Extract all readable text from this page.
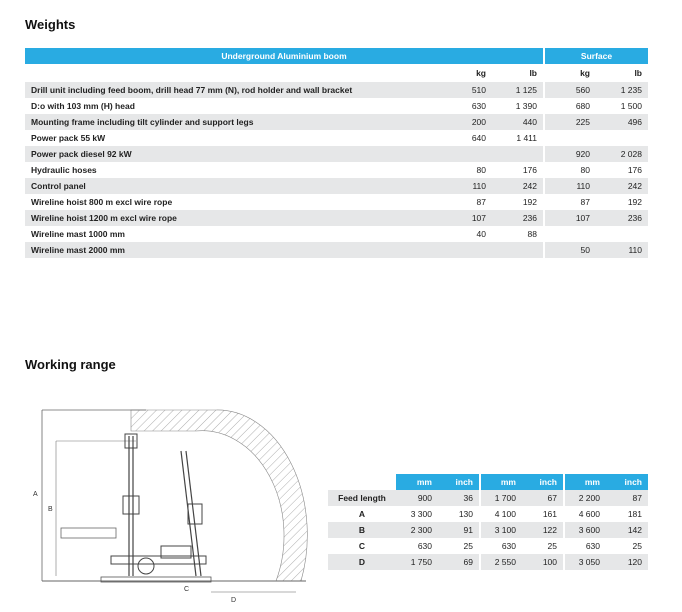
Weights
Underground Aluminium boom			Surface	
	kg	lb	kg	lb
Drill unit including feed boom, drill head 77 mm (N), rod holder and wall bracket	510	1 125	560	1 235
D:o with 103 mm (H) head	630	1 390	680	1 500
Mounting frame including tilt cylinder and support legs	200	440	225	496
Power pack 55 kW	640	1 411		
Power pack diesel 92 kW			920	2 028
Hydraulic hoses	80	176	80	176
Control panel	110	242	110	242
Wireline hoist 800 m excl wire rope	87	192	87	192
Wireline hoist 1200 m excl wire rope	107	236	107	236
Wireline mast 1000 mm	40	88		
Wireline mast 2000 mm			50	110
Working range
A
B
C
D
	mm	inch	mm	inch	mm	inch
Feed length	900	36	1 700	67	2 200	87
A	3 300	130	4 100	161	4 600	181
B	2 300	91	3 100	122	3 600	142
C	630	25	630	25	630	25
D	1 750	69	2 550	100	3 050	120
